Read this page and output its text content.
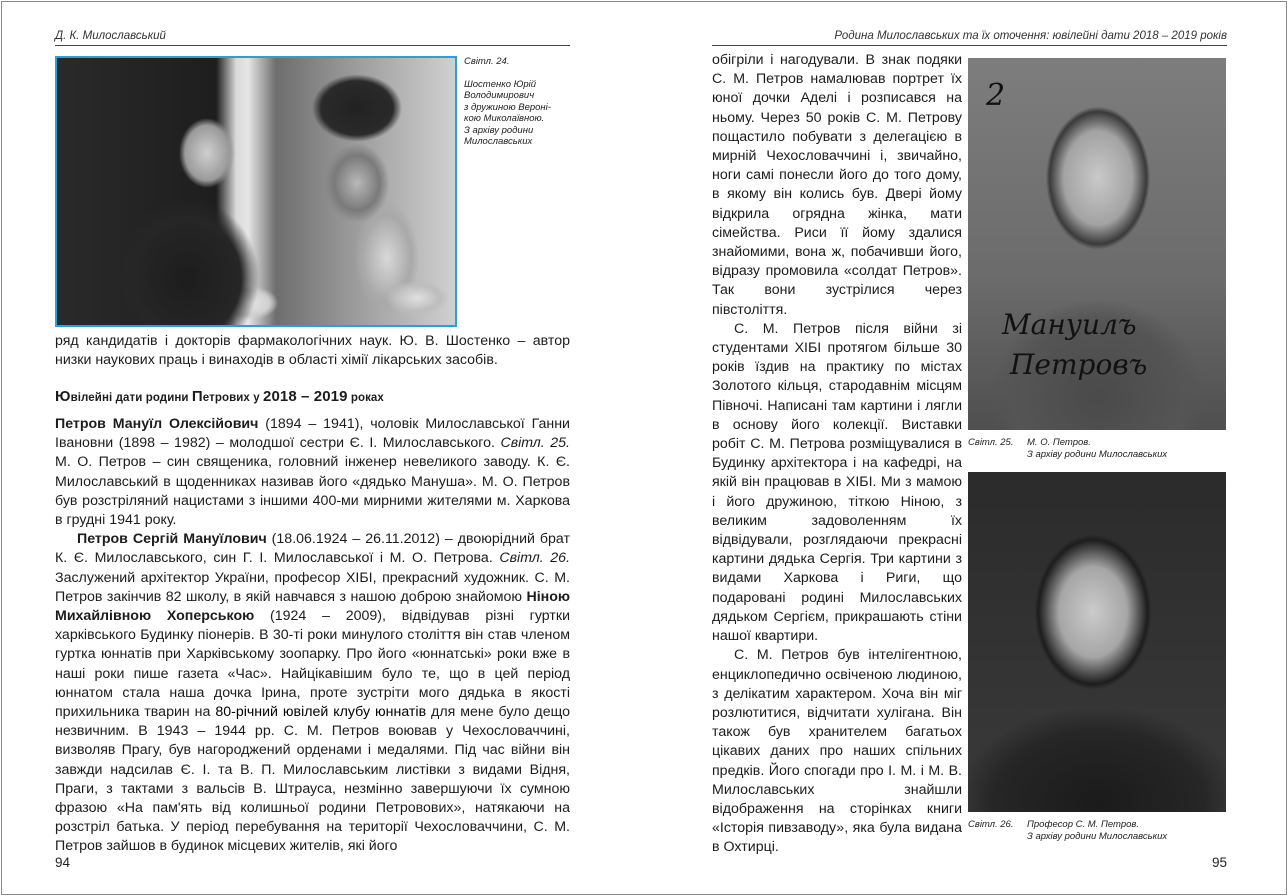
Д. К. Милославський
Світл. 24.
Шостенко Юрій
Володимирович
з дружиною Вероні-
кою Миколаївною.
З архіву родини
Милославських

ряд кандидатів і докторів фармакологічних наук. Ю. В. Шостенко – автор низки наукових праць і винаходів в області хімії лікарських засобів.

Ювілейні дати родини Петрових у 2018 – 2019 роках

Петров Мануїл Олексійович (1894 – 1941), чоловік Милославської Ганни Івановни (1898 – 1982) – молодшої сестри Є. І. Милославського. Світл. 25. М. О. Петров – син священика, головний інженер невеликого заводу. К. Є. Милославський в щоденниках називав його «дядько Мануша». М. О. Петров був розстріляний нацистами з іншими 400-ми мирними жителями м. Харкова в грудні 1941 року.

Петров Сергій Мануїлович (18.06.1924 – 26.11.2012) – двоюрідний брат К. Є. Милославського, син Г. І. Милославської і М. О. Петрова. Світл. 26. Заслужений архітектор України, професор ХІБІ, прекрасний художник. С. М. Петров закінчив 82 школу, в якій навчався з нашою доброю знайомою Ніною Михайлівною Хоперською (1924 – 2009), відвідував різні гуртки харківського Будинку піонерів. В 30-ті роки минулого століття він став членом гуртка юннатів при Харківському зоопарку. Про його «юннатські» роки вже в наші роки пише газета «Час». Найцікавішим було те, що в цей період юннатом стала наша дочка Ірина, проте зустріти мого дядька в якості прихильника тварин на 80-річний ювілей клубу юннатів для мене було дещо незвичним. В 1943 – 1944 рр. С. М. Петров воював у Чехословаччині, визволяв Прагу, був нагороджений орденами і медалями. Під час війни він завжди надсилав Є. І. та В. П. Милославським листівки з видами Відня, Праги, з тактами з вальсів В. Штрауса, незмінно завершуючи їх сумною фразою «На пам'ять від колишньої родини Петровових», натякаючи на розстріл батька. У період перебування на території Чехословаччини, С. М. Петров зайшов в будинок місцевих жителів, які його

94
Родина Милославських та їх оточення: ювілейні дати 2018 – 2019 років

обігріли і нагодували. В знак подяки С. М. Петров намалював портрет їх юної дочки Аделі і розписався на ньому. Через 50 років С. М. Петрову пощастило побувати з делегацією в мирній Чехословаччині і, звичайно, ноги самі понесли його до того дому, в якому він колись був. Двері йому відкрила огрядна жінка, мати сімейства. Риси її йому здалися знайомими, вона ж, побачивши його, відразу промовила «солдат Петров». Так вони зустрілися через півстоліття.

С. М. Петров після війни зі студентами ХІБІ протягом більше 30 років їздив на практику по містах Золотого кільця, стародавнім місцям Півночі. Написані там картини і лягли в основу його колекції. Виставки робіт С. М. Петрова розміщувалися в Будинку архітектора і на кафедрі, на якій він працював в ХІБІ. Ми з мамою і його дружиною, тіткою Ніною, з великим задоволенням їх відвідували, розглядаючи прекрасні картини дядька Сергія. Три картини з видами Харкова і Риги, що подаровані родині Милославських дядьком Сергієм, прикрашають стіни нашої квартири.

С. М. Петров був інтелігентною, енциклопедично освіченою людиною, з делікатим характером. Хоча він міг розлютитися, відчитати хуліганa. Він також був хранителем багатьох цікавих даних про наших спільних предків. Його спогади про І. М. і М. В. Милославських знайшли відображення на сторінках книги «Історія пивзаводу», яка була видана в Охтирці.

2
Мануилъ
Петровъ
Світл. 25.	М. О. Петров.
З архіву родини Милославських
Світл. 26.	Професор С. М. Петров.
З архіву родини Милославських
95
